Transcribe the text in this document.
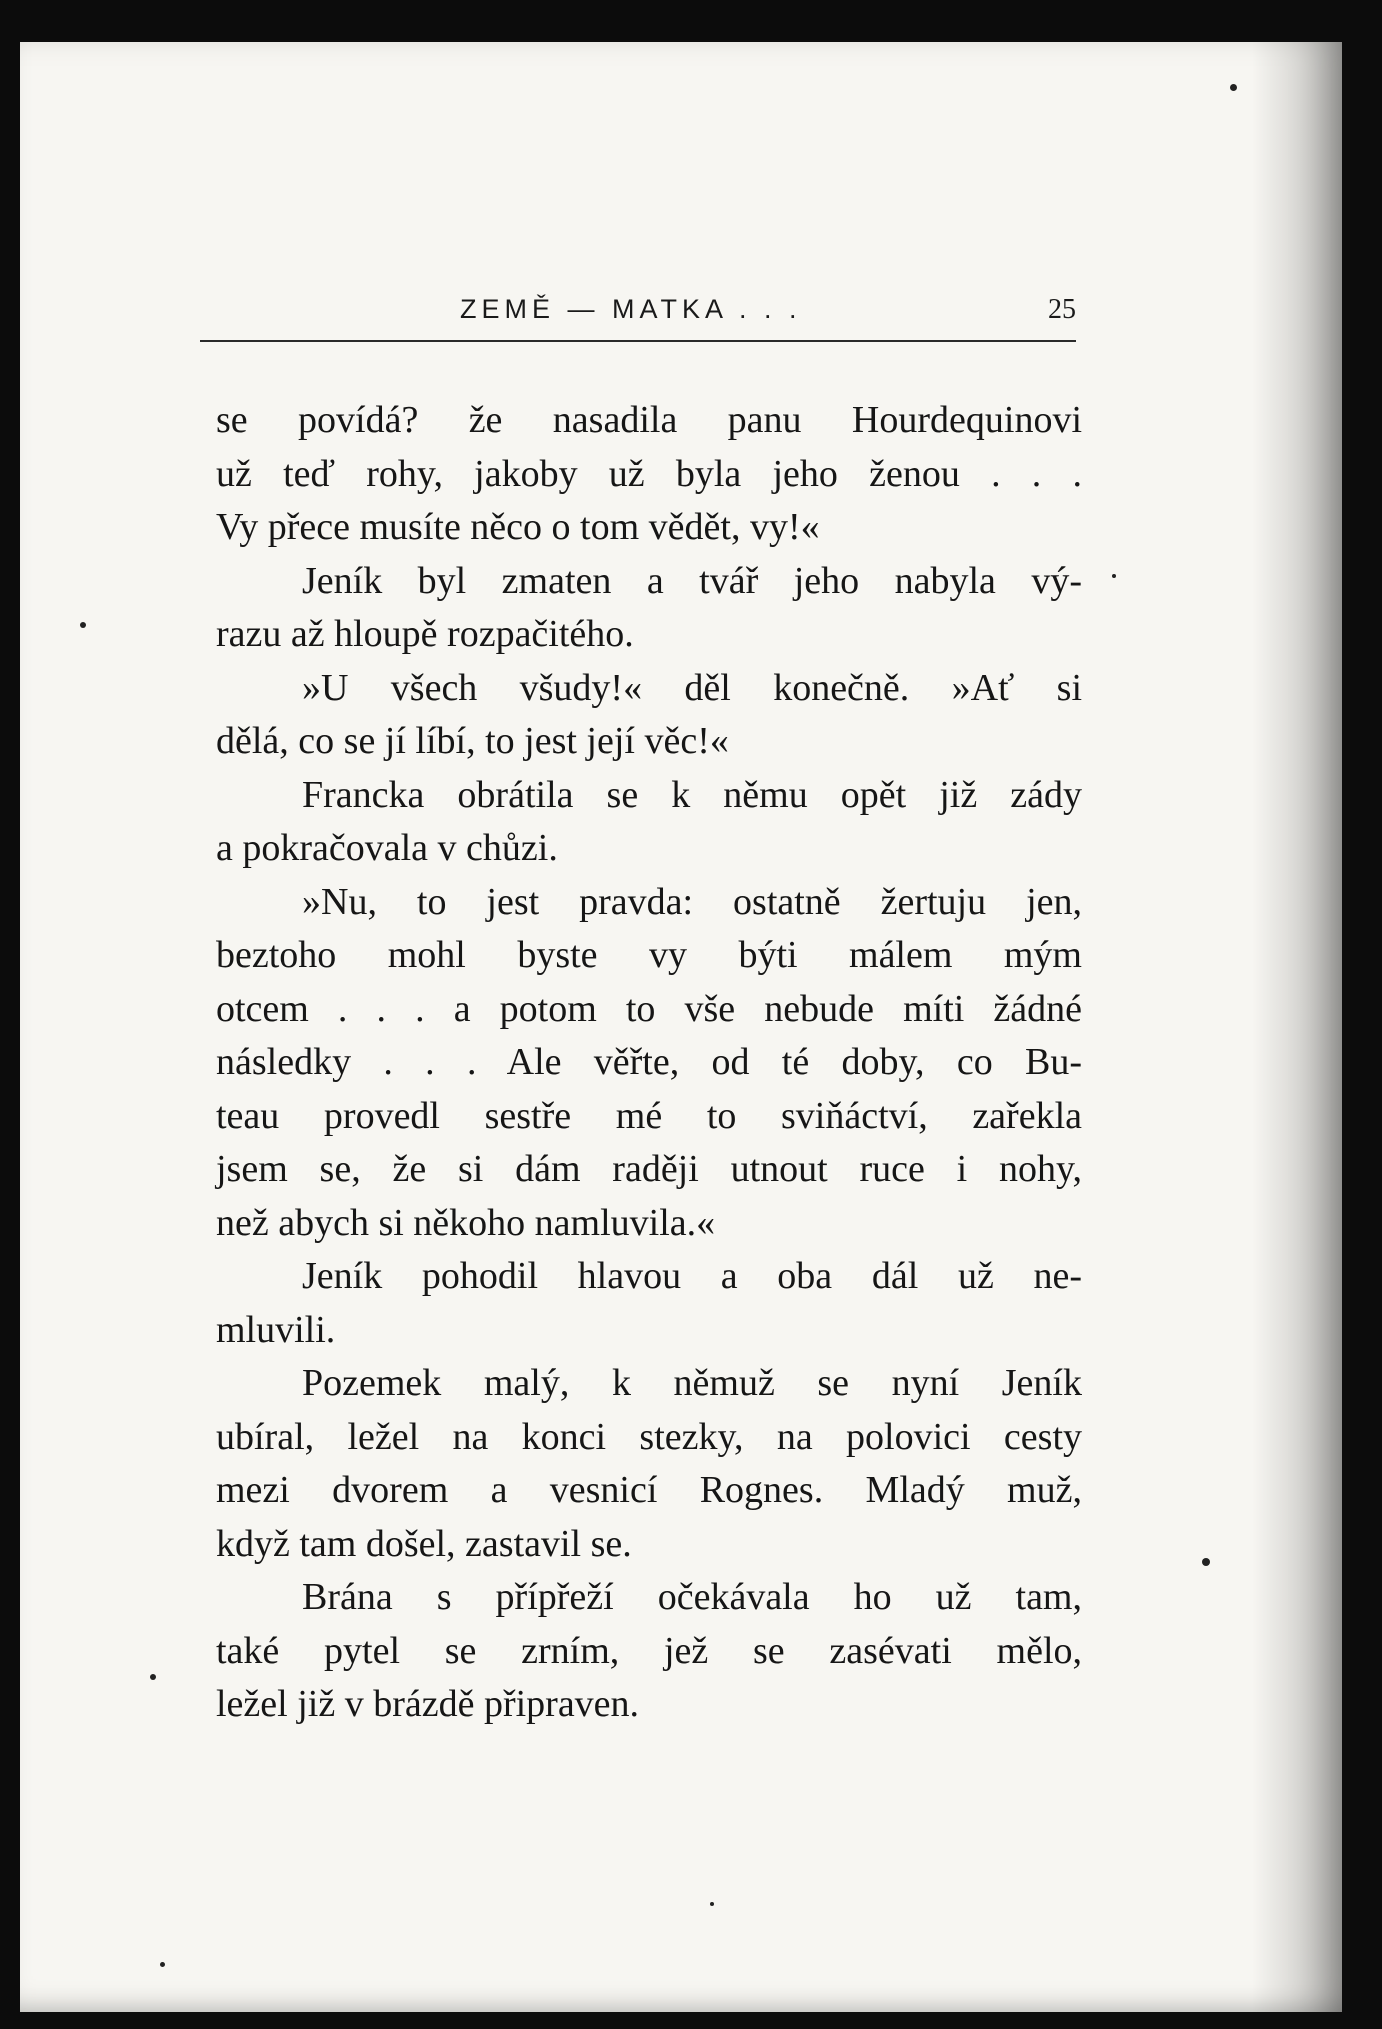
ZEMĚ — MATKA . . .	25
se povídá? že nasadila panu Hourdequinovi
už teď rohy, jakoby už byla jeho ženou . . .
Vy přece musíte něco o tom vědět, vy!«
Jeník byl zmaten a tvář jeho nabyla vý-
razu až hloupě rozpačitého.
»U všech všudy!« děl konečně. »Ať si
dělá, co se jí líbí, to jest její věc!«
Francka obrátila se k němu opět již zády
a pokračovala v chůzi.
»Nu, to jest pravda: ostatně žertuju jen,
beztoho mohl byste vy býti málem mým
otcem . . . a potom to vše nebude míti žádné
následky . . . Ale věřte, od té doby, co Bu-
teau provedl sestře mé to sviňáctví, zařekla
jsem se, že si dám raději utnout ruce i nohy,
než abych si někoho namluvila.«
Jeník pohodil hlavou a oba dál už ne-
mluvili.
Pozemek malý, k němuž se nyní Jeník
ubíral, ležel na konci stezky, na polovici cesty
mezi dvorem a vesnicí Rognes. Mladý muž,
když tam došel, zastavil se.
Brána s přípřeží očekávala ho už tam,
také pytel se zrním, jež se zasévati mělo,
ležel již v brázdě připraven.
